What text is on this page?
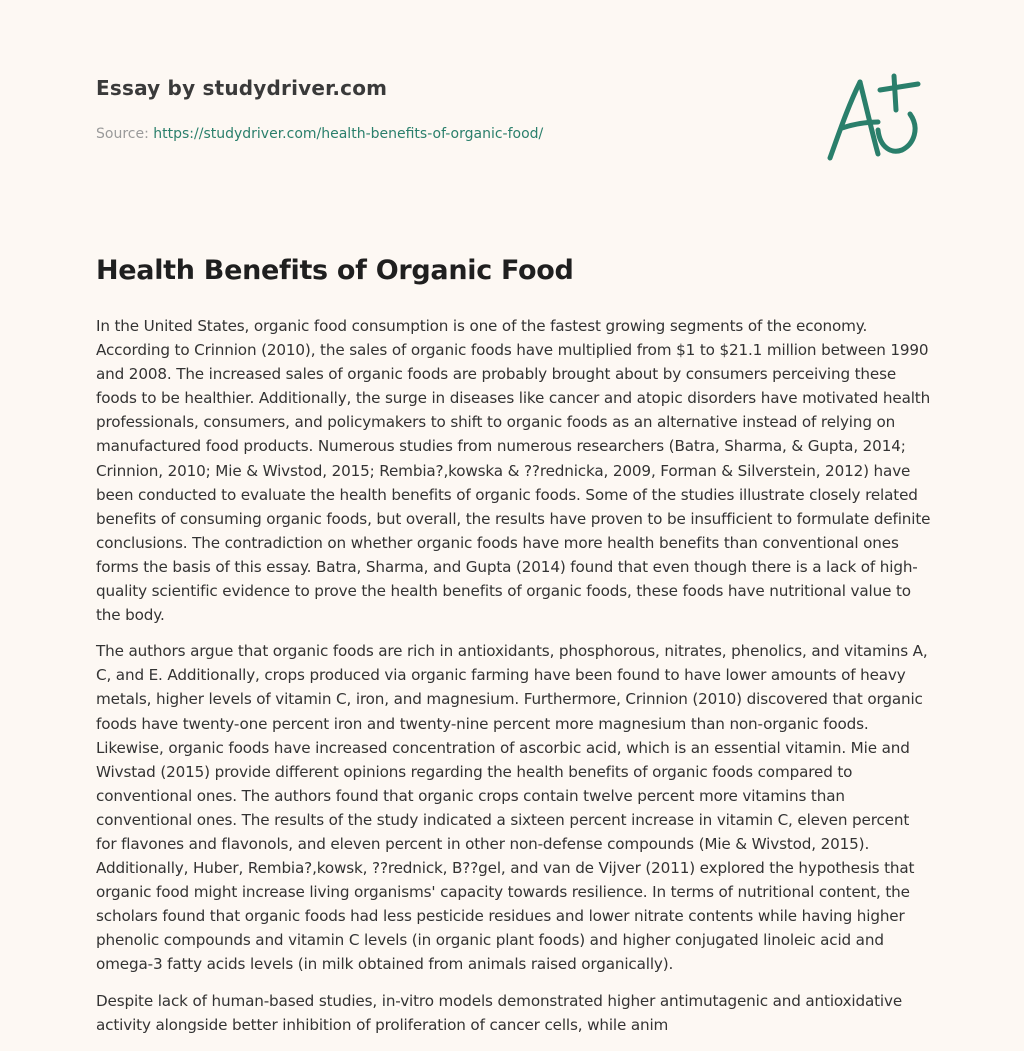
Essay by studydriver.com
Source: https://studydriver.com/health-benefits-of-organic-food/
Health Benefits of Organic Food

In the United States, organic food consumption is one of the fastest growing segments of the economy. According to Crinnion (2010), the sales of organic foods have multiplied from $1 to $21.1 million between 1990 and 2008. The increased sales of organic foods are probably brought about by consumers perceiving these foods to be healthier. Additionally, the surge in diseases like cancer and atopic disorders have motivated health professionals, consumers, and policymakers to shift to organic foods as an alternative instead of relying on manufactured food products. Numerous studies from numerous researchers (Batra, Sharma, & Gupta, 2014; Crinnion, 2010; Mie & Wivstod, 2015; Rembia?,kowska & ??rednicka, 2009, Forman & Silverstein, 2012) have been conducted to evaluate the health benefits of organic foods. Some of the studies illustrate closely related benefits of consuming organic foods, but overall, the results have proven to be insufficient to formulate definite conclusions. The contradiction on whether organic foods have more health benefits than conventional ones forms the basis of this essay. Batra, Sharma, and Gupta (2014) found that even though there is a lack of high-quality scientific evidence to prove the health benefits of organic foods, these foods have nutritional value to the body.

The authors argue that organic foods are rich in antioxidants, phosphorous, nitrates, phenolics, and vitamins A, C, and E. Additionally, crops produced via organic farming have been found to have lower amounts of heavy metals, higher levels of vitamin C, iron, and magnesium. Furthermore, Crinnion (2010) discovered that organic foods have twenty-one percent iron and twenty-nine percent more magnesium than non-organic foods. Likewise, organic foods have increased concentration of ascorbic acid, which is an essential vitamin. Mie and Wivstad (2015) provide different opinions regarding the health benefits of organic foods compared to conventional ones. The authors found that organic crops contain twelve percent more vitamins than conventional ones. The results of the study indicated a sixteen percent increase in vitamin C, eleven percent for flavones and flavonols, and eleven percent in other non-defense compounds (Mie & Wivstod, 2015). Additionally, Huber, Rembia?,kowsk, ??rednick, B??gel, and van de Vijver (2011) explored the hypothesis that organic food might increase living organisms' capacity towards resilience. In terms of nutritional content, the scholars found that organic foods had less pesticide residues and lower nitrate contents while having higher phenolic compounds and vitamin C levels (in organic plant foods) and higher conjugated linoleic acid and omega-3 fatty acids levels (in milk obtained from animals raised organically).

Despite lack of human-based studies, in-vitro models demonstrated higher antimutagenic and antioxidative activity alongside better inhibition of proliferation of cancer cells, while anim
